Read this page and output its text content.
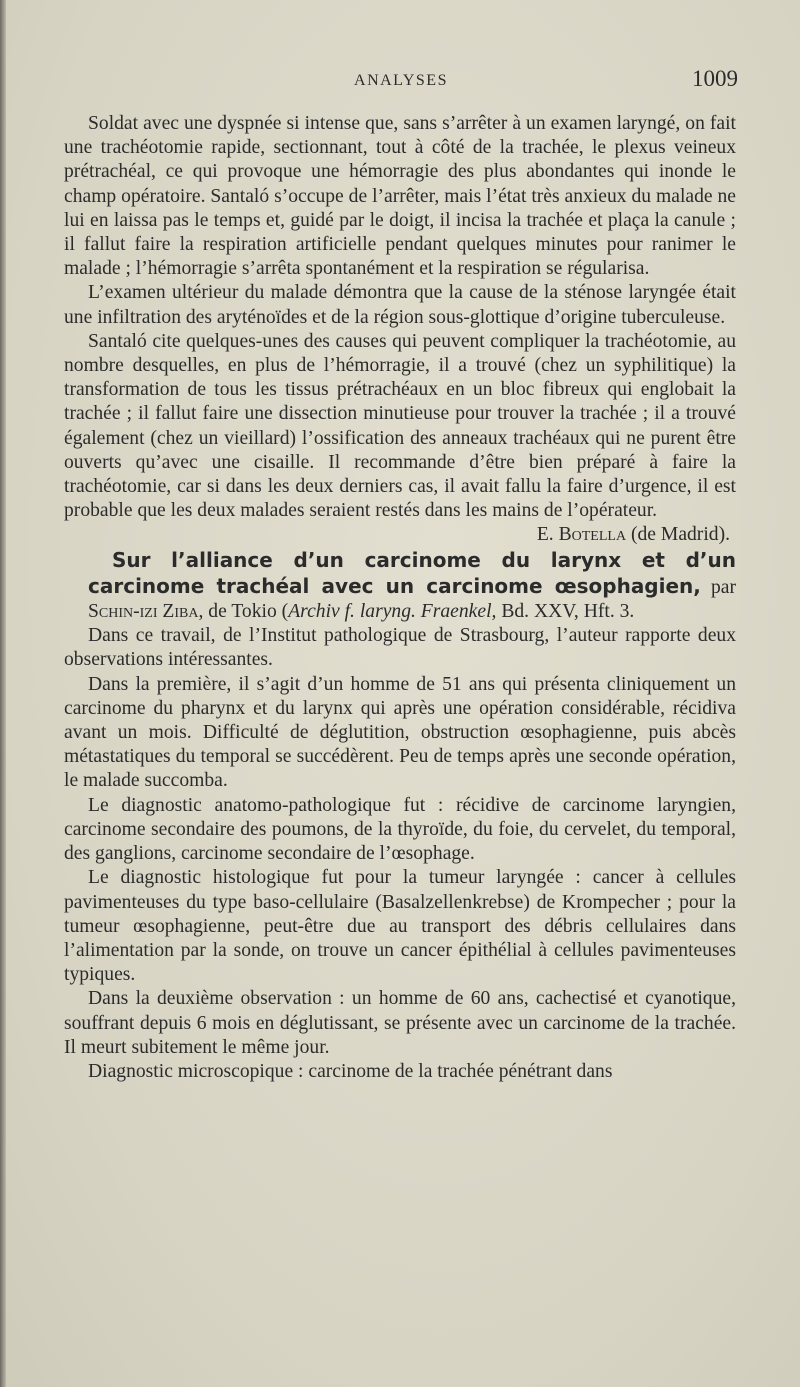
ANALYSES	1009

Soldat avec une dyspnée si intense que, sans s’arrêter à un examen laryngé, on fait une trachéotomie rapide, sectionnant, tout à côté de la trachée, le plexus veineux prétrachéal, ce qui provoque une hémorragie des plus abondantes qui inonde le champ opératoire. Santaló s’occupe de l’arrêter, mais l’état très anxieux du malade ne lui en laissa pas le temps et, guidé par le doigt, il incisa la trachée et plaça la canule ; il fallut faire la respiration artificielle pendant quelques minutes pour ranimer le malade ; l’hémorragie s’arrêta spontanément et la respiration se régularisa.

L’examen ultérieur du malade démontra que la cause de la sténose laryngée était une infiltration des aryténoïdes et de la région sous-glottique d’origine tuberculeuse.

Santaló cite quelques-unes des causes qui peuvent compliquer la trachéotomie, au nombre desquelles, en plus de l’hémorragie, il a trouvé (chez un syphilitique) la transformation de tous les tissus prétrachéaux en un bloc fibreux qui englobait la trachée ; il fallut faire une dissection minutieuse pour trouver la trachée ; il a trouvé également (chez un vieillard) l’ossification des anneaux trachéaux qui ne purent être ouverts qu’avec une cisaille. Il recommande d’être bien préparé à faire la trachéotomie, car si dans les deux derniers cas, il avait fallu la faire d’urgence, il est probable que les deux malades seraient restés dans les mains de l’opérateur.

E. Botella (de Madrid).

Sur l’alliance d’un carcinome du larynx et d’un carcinome trachéal avec un carcinome œsophagien, par Schin-izi Ziba, de Tokio (Archiv f. laryng. Fraenkel, Bd. XXV, Hft. 3.

Dans ce travail, de l’Institut pathologique de Strasbourg, l’auteur rapporte deux observations intéressantes.

Dans la première, il s’agit d’un homme de 51 ans qui présenta cliniquement un carcinome du pharynx et du larynx qui après une opération considérable, récidiva avant un mois. Difficulté de déglutition, obstruction œsophagienne, puis abcès métastatiques du temporal se succédèrent. Peu de temps après une seconde opération, le malade succomba.

Le diagnostic anatomo-pathologique fut : récidive de carcinome laryngien, carcinome secondaire des poumons, de la thyroïde, du foie, du cervelet, du temporal, des ganglions, carcinome secondaire de l’œsophage.

Le diagnostic histologique fut pour la tumeur laryngée : cancer à cellules pavimenteuses du type baso-cellulaire (Basalzellenkrebse) de Krompecher ; pour la tumeur œsophagienne, peut-être due au transport des débris cellulaires dans l’alimentation par la sonde, on trouve un cancer épithélial à cellules pavimenteuses typiques.

Dans la deuxième observation : un homme de 60 ans, cachectisé et cyanotique, souffrant depuis 6 mois en déglutissant, se présente avec un carcinome de la trachée. Il meurt subitement le même jour.

Diagnostic microscopique : carcinome de la trachée pénétrant dans
